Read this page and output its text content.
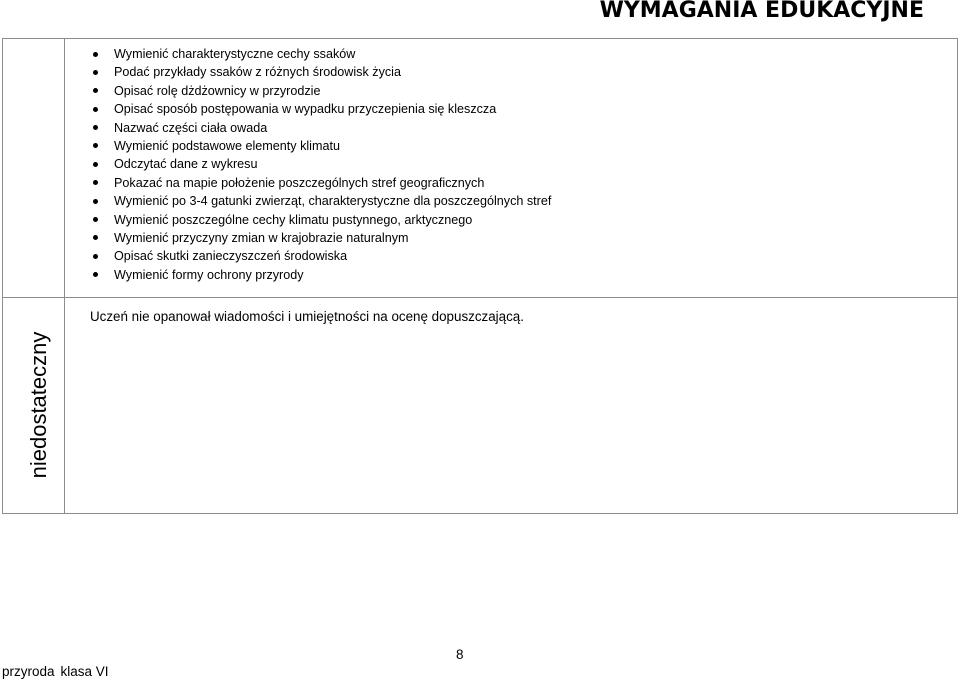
WYMAGANIA EDUKACYJNE
Wymienić charakterystyczne cechy ssaków
Podać przykłady ssaków z różnych środowisk życia
Opisać rolę dżdżownicy w przyrodzie
Opisać sposób postępowania w wypadku przyczepienia się kleszcza
Nazwać części ciała owada
Wymienić podstawowe elementy klimatu
Odczytać dane z wykresu
Pokazać na mapie położenie poszczególnych stref geograficznych
Wymienić po 3-4 gatunki zwierząt, charakterystyczne dla poszczególnych stref
Wymienić poszczególne cechy klimatu pustynnego, arktycznego
Wymienić przyczyny zmian w krajobrazie naturalnym
Opisać skutki zanieczyszczeń środowiska
Wymienić formy ochrony przyrody
niedostateczny
Uczeń nie opanował wiadomości i umiejętności na ocenę dopuszczającą.
8
przyroda klasa VI
